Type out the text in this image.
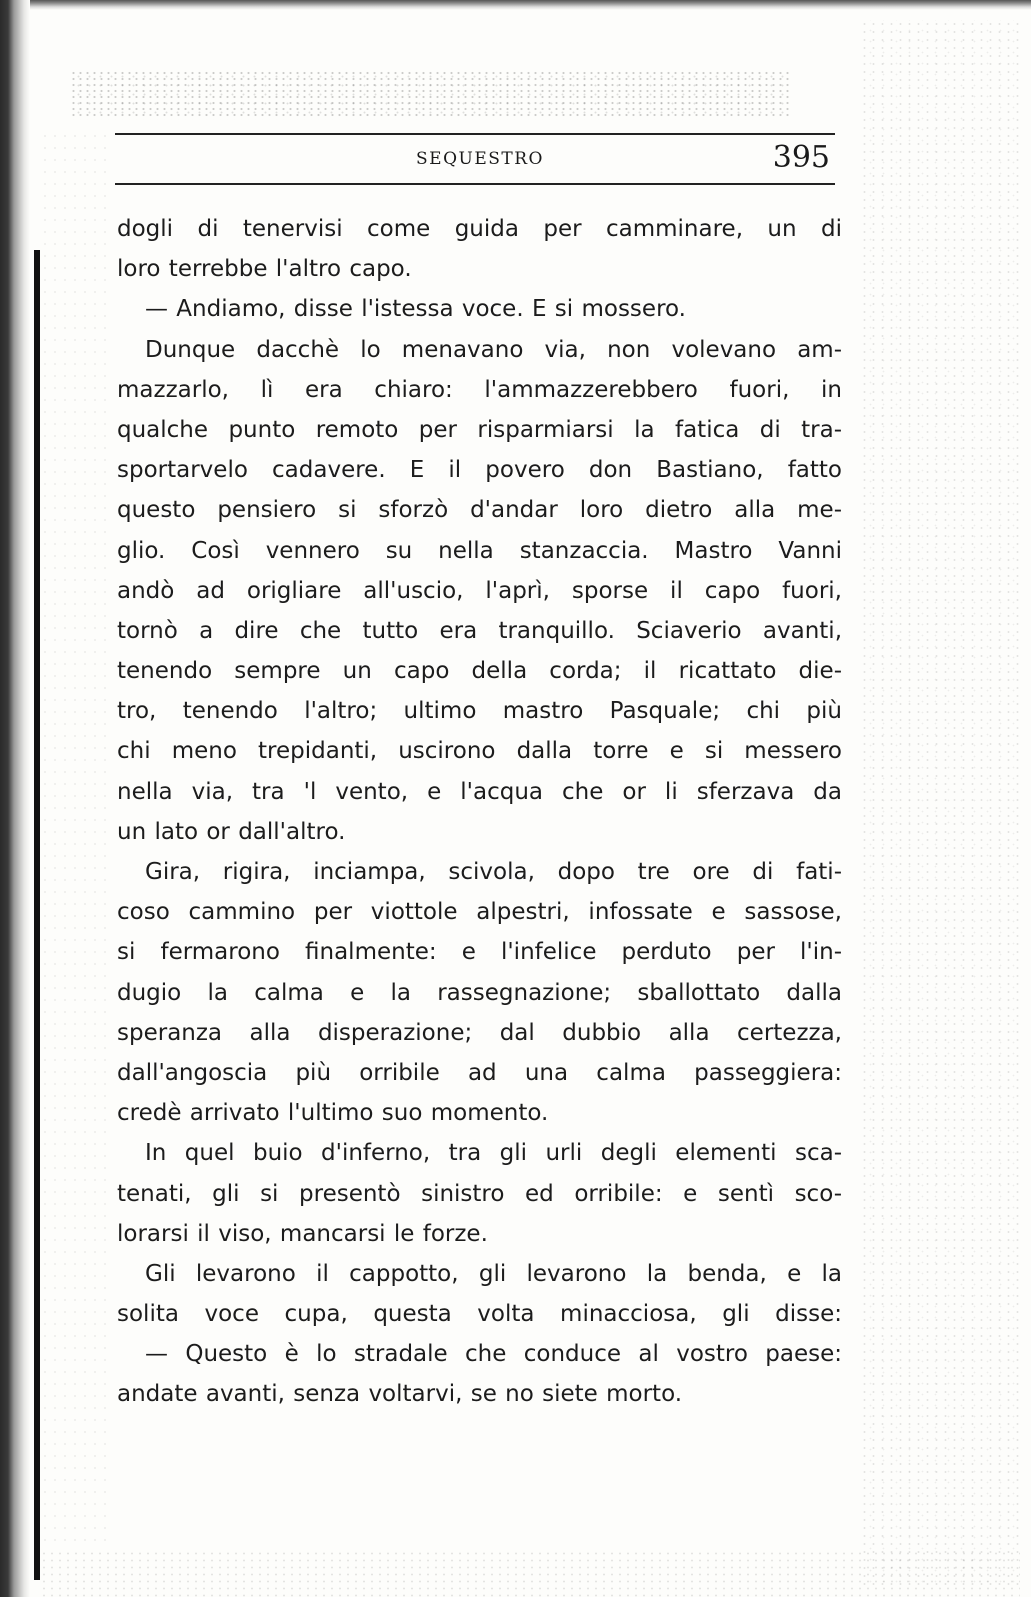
SEQUESTRO	395
dogli di tenervisi come guida per camminare, un di
loro terrebbe l'altro capo.
— Andiamo, disse l'istessa voce. E si mossero.
Dunque dacchè lo menavano via, non volevano am-
mazzarlo, lì era chiaro: l'ammazzerebbero fuori, in
qualche punto remoto per risparmiarsi la fatica di tra-
sportarvelo cadavere. E il povero don Bastiano, fatto
questo pensiero si sforzò d'andar loro dietro alla me-
glio. Così vennero su nella stanzaccia. Mastro Vanni
andò ad origliare all'uscio, l'aprì, sporse il capo fuori,
tornò a dire che tutto era tranquillo. Sciaverio avanti,
tenendo sempre un capo della corda; il ricattato die-
tro, tenendo l'altro; ultimo mastro Pasquale; chi più
chi meno trepidanti, uscirono dalla torre e si messero
nella via, tra 'l vento, e l'acqua che or li sferzava da
un lato or dall'altro.
Gira, rigira, inciampa, scivola, dopo tre ore di fati-
coso cammino per viottole alpestri, infossate e sassose,
si fermarono finalmente: e l'infelice perduto per l'in-
dugio la calma e la rassegnazione; sballottato dalla
speranza alla disperazione; dal dubbio alla certezza,
dall'angoscia più orribile ad una calma passeggiera:
credè arrivato l'ultimo suo momento.
In quel buio d'inferno, tra gli urli degli elementi sca-
tenati, gli si presentò sinistro ed orribile: e sentì sco-
lorarsi il viso, mancarsi le forze.
Gli levarono il cappotto, gli levarono la benda, e la
solita voce cupa, questa volta minacciosa, gli disse:
— Questo è lo stradale che conduce al vostro paese:
andate avanti, senza voltarvi, se no siete morto.
